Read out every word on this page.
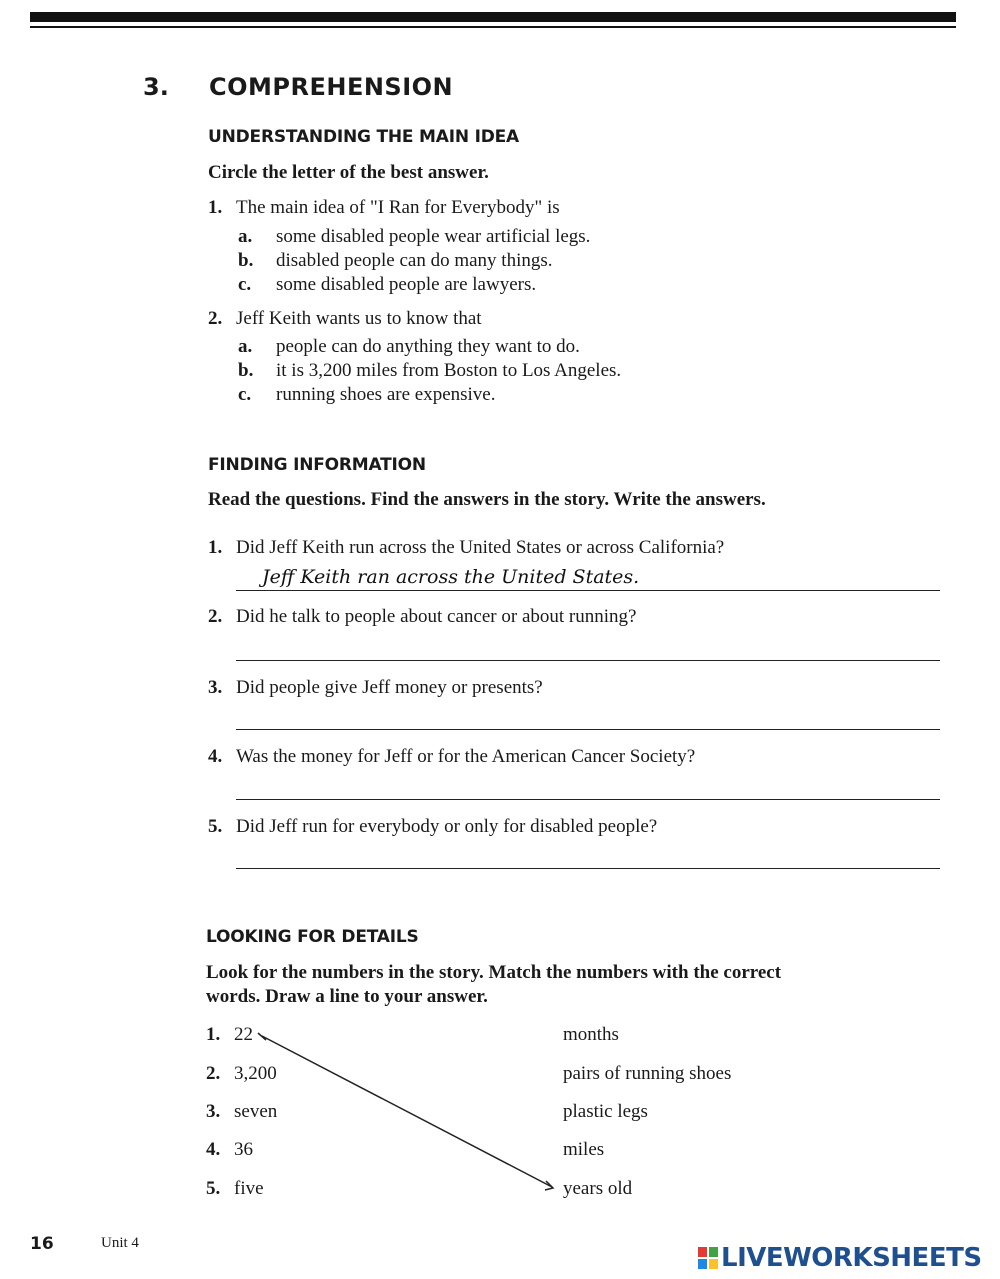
3. COMPREHENSION
UNDERSTANDING THE MAIN IDEA
Circle the letter of the best answer.
1. The main idea of "I Ran for Everybody" is
a. some disabled people wear artificial legs.
b. disabled people can do many things.
c. some disabled people are lawyers.
2. Jeff Keith wants us to know that
a. people can do anything they want to do.
b. it is 3,200 miles from Boston to Los Angeles.
c. running shoes are expensive.
FINDING INFORMATION
Read the questions. Find the answers in the story. Write the answers.
1. Did Jeff Keith run across the United States or across California?
Jeff Keith ran across the United States.
2. Did he talk to people about cancer or about running?
3. Did people give Jeff money or presents?
4. Was the money for Jeff or for the American Cancer Society?
5. Did Jeff run for everybody or only for disabled people?
LOOKING FOR DETAILS
Look for the numbers in the story. Match the numbers with the correct
words. Draw a line to your answer.
1. 22
2. 3,200
3. seven
4. 36
5. five
months
pairs of running shoes
plastic legs
miles
years old
16	Unit 4	LIVEWORKSHEETS
